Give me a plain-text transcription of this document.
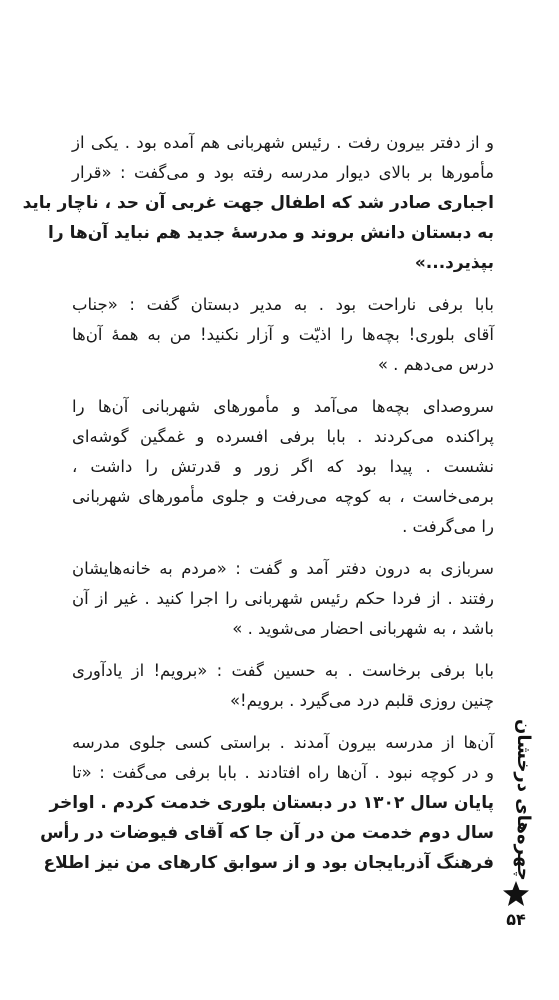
و از دفتر بیرون رفت . رئیس شهربانی هم آمده بود . یکی از
مأمورها بر بالای دیوار مدرسه رفته بود و می‌گفت : «قرار
اجباری صادر شد که اطفال جهت غربی آن حد ، ناچار باید
به دبستان دانش بروند و مدرسهٔ جدید هم نباید آن‌ها را
بپذیرد...»
بابا برفی ناراحت بود . به مدیر دبستان گفت : «جناب
آقای بلوری! بچه‌ها را اذیّت و آزار نکنید! من به همهٔ آن‌ها
درس می‌دهم . »
سروصدای بچه‌ها می‌آمد و مأمورهای شهربانی آن‌ها را
پراکنده می‌کردند . بابا برفی افسرده و غمگین گوشه‌ای
نشست . پیدا بود که اگر زور و قدرتش را داشت ،
برمی‌خاست ، به کوچه می‌رفت و جلوی مأمورهای شهربانی
را می‌گرفت .
سربازی به درون دفتر آمد و گفت : «مردم به خانه‌هایشان
رفتند . از فردا حکم رئیس شهربانی را اجرا کنید . غیر از آن
باشد ، به شهربانی احضار می‌شوید . »
بابا برفی برخاست . به حسین گفت : «برویم! از یادآوری
چنین روزی قلبم درد می‌گیرد . برویم!»
آن‌ها از مدرسه بیرون آمدند . براستی کسی جلوی مدرسه
و در کوچه نبود . آن‌ها راه افتادند . بابا برفی می‌گفت : «تا
پایان سال ۱۳۰۲ در دبستان بلوری خدمت کردم . اواخر
سال دوم خدمت من در آن جا که آقای فیوضات در رأس
فرهنگ آذربایجان بود و از سوابق کارهای من نیز اطلاع	چهره‌های درخشان
۵۴
